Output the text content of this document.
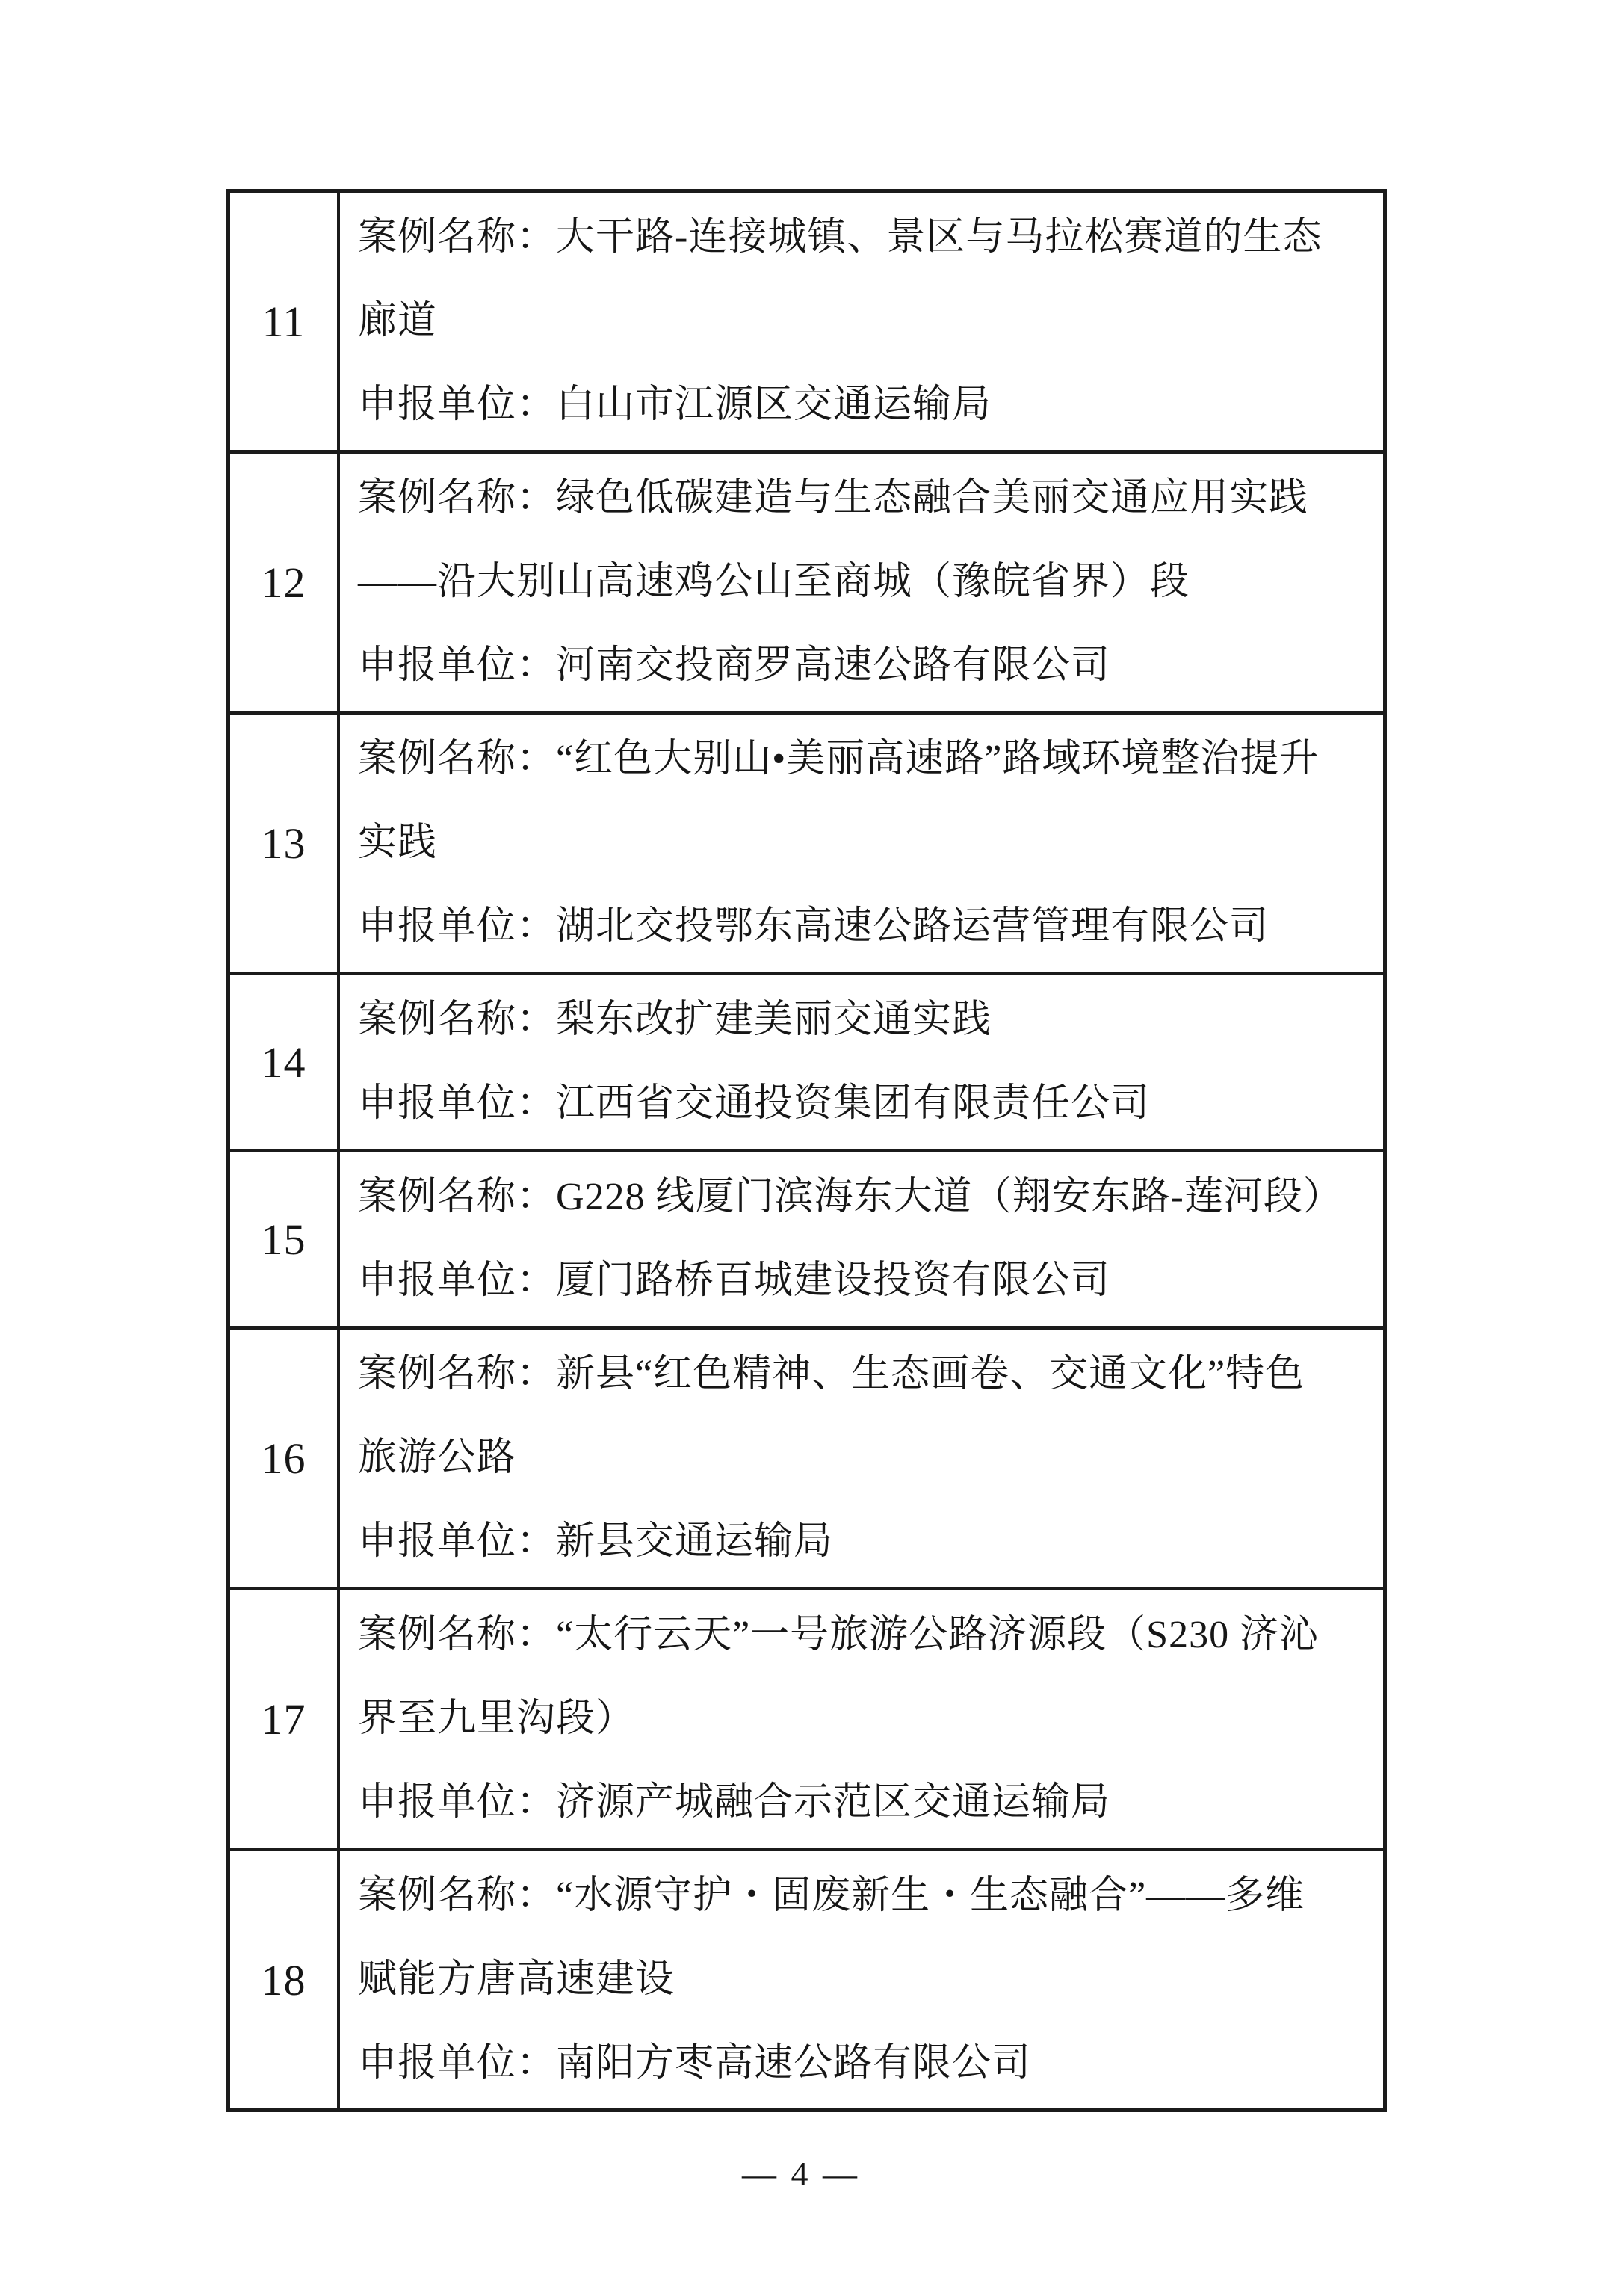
11
案例名称：大干路-连接城镇、景区与马拉松赛道的生态
廊道
申报单位：白山市江源区交通运输局
12
案例名称：绿色低碳建造与生态融合美丽交通应用实践
——沿大别山高速鸡公山至商城（豫皖省界）段
申报单位：河南交投商罗高速公路有限公司
13
案例名称：“红色大别山•美丽高速路”路域环境整治提升
实践
申报单位：湖北交投鄂东高速公路运营管理有限公司
14
案例名称：梨东改扩建美丽交通实践
申报单位：江西省交通投资集团有限责任公司
15
案例名称：G228 线厦门滨海东大道（翔安东路-莲河段）
申报单位：厦门路桥百城建设投资有限公司
16
案例名称：新县“红色精神、生态画卷、交通文化”特色
旅游公路
申报单位：新县交通运输局
17
案例名称：“太行云天”一号旅游公路济源段（S230 济沁
界至九里沟段）
申报单位：济源产城融合示范区交通运输局
18
案例名称：“水源守护・固废新生・生态融合”——多维
赋能方唐高速建设
申报单位：南阳方枣高速公路有限公司
— 4 —
